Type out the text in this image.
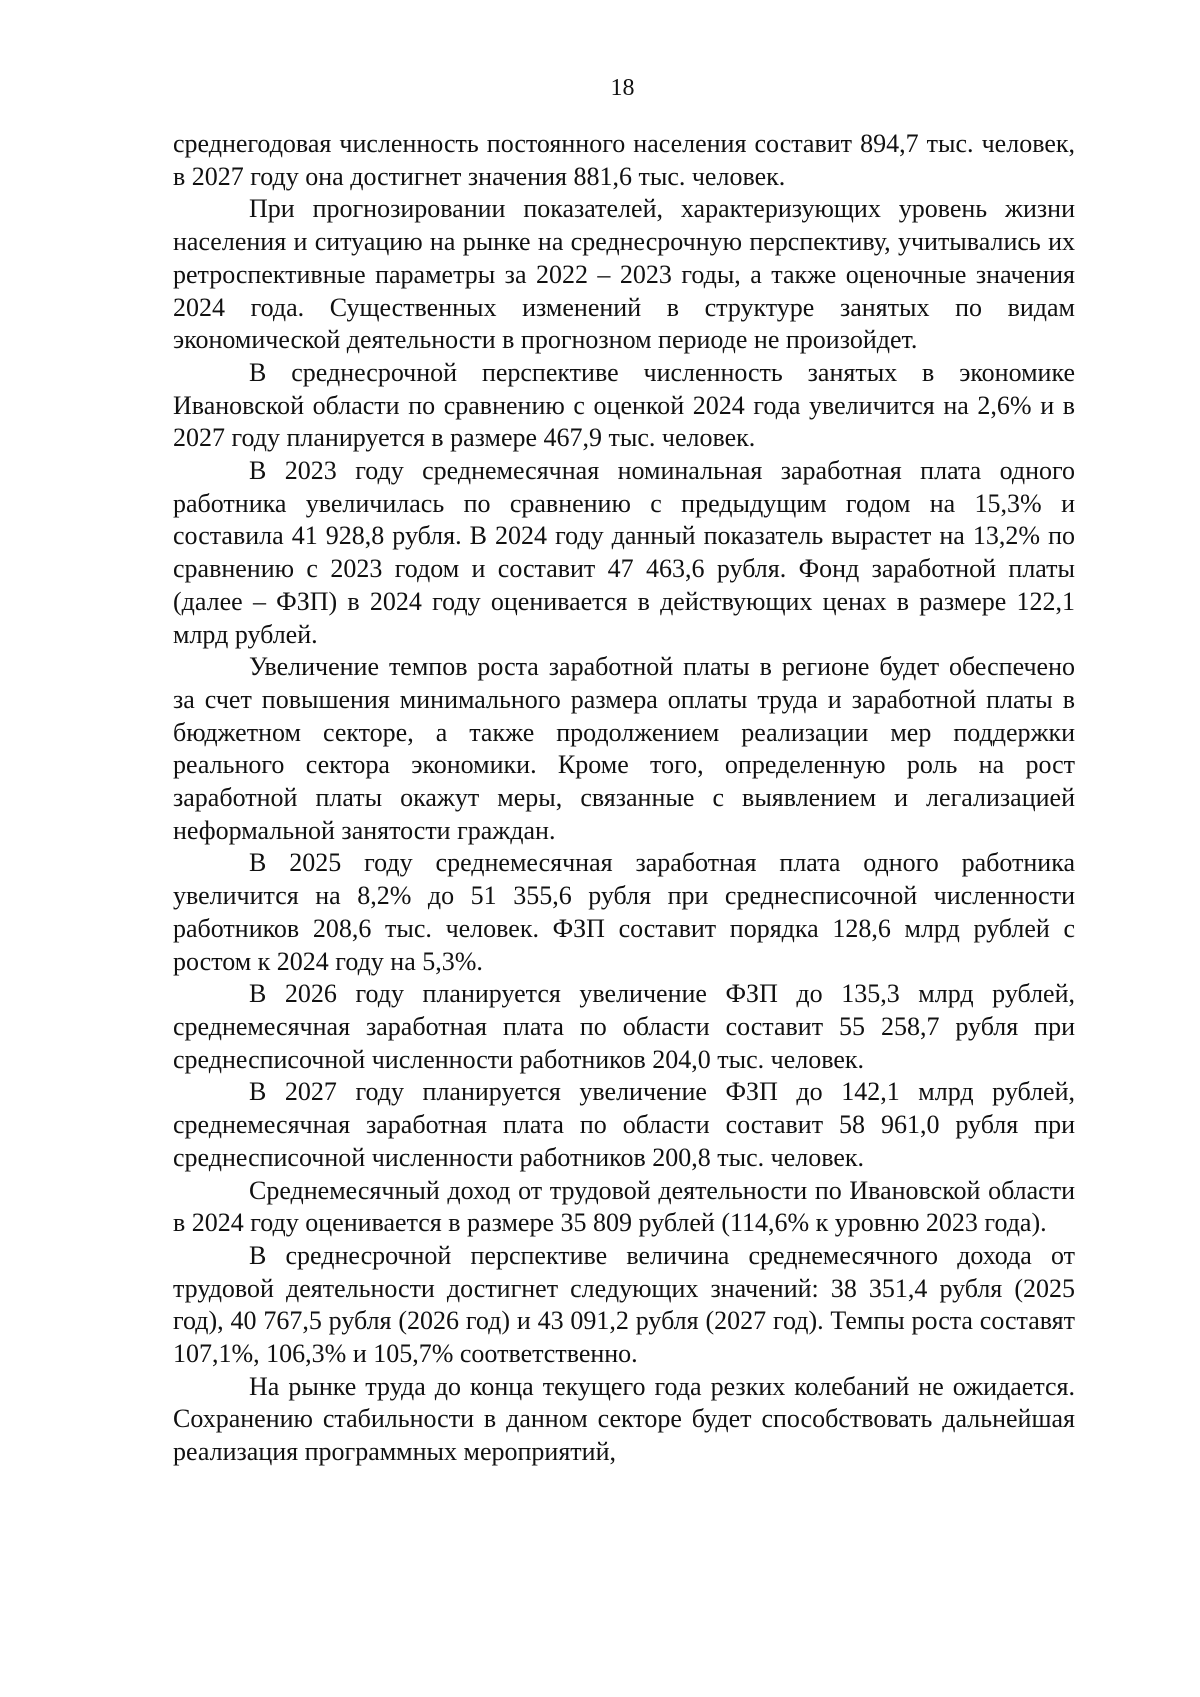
18

среднегодовая численность постоянного населения составит 894,7 тыс. человек, в 2027 году она достигнет значения 881,6 тыс. человек.

При прогнозировании показателей, характеризующих уровень жизни населения и ситуацию на рынке на среднесрочную перспективу, учитывались их ретроспективные параметры за 2022 – 2023 годы, а также оценочные значения 2024 года. Существенных изменений в структуре занятых по видам экономической деятельности в прогнозном периоде не произойдет.

В среднесрочной перспективе численность занятых в экономике Ивановской области по сравнению с оценкой 2024 года увеличится на 2,6% и в 2027 году планируется в размере 467,9 тыс. человек.

В 2023 году среднемесячная номинальная заработная плата одного работника увеличилась по сравнению с предыдущим годом на 15,3% и составила 41 928,8 рубля. В 2024 году данный показатель вырастет на 13,2% по сравнению с 2023 годом и составит 47 463,6 рубля. Фонд заработной платы (далее – ФЗП) в 2024 году оценивается в действующих ценах в размере 122,1 млрд рублей.

Увеличение темпов роста заработной платы в регионе будет обеспечено за счет повышения минимального размера оплаты труда и заработной платы в бюджетном секторе, а также продолжением реализации мер поддержки реального сектора экономики. Кроме того, определенную роль на рост заработной платы окажут меры, связанные с выявлением и легализацией неформальной занятости граждан.

В 2025 году среднемесячная заработная плата одного работника увеличится на 8,2% до 51 355,6 рубля при среднесписочной численности работников 208,6 тыс. человек. ФЗП составит порядка 128,6 млрд рублей с ростом к 2024 году на 5,3%.

В 2026 году планируется увеличение ФЗП до 135,3 млрд рублей, среднемесячная заработная плата по области составит 55 258,7 рубля при среднесписочной численности работников 204,0 тыс. человек.

В 2027 году планируется увеличение ФЗП до 142,1 млрд рублей, среднемесячная заработная плата по области составит 58 961,0 рубля при среднесписочной численности работников 200,8 тыс. человек.

Среднемесячный доход от трудовой деятельности по Ивановской области в 2024 году оценивается в размере 35 809 рублей (114,6% к уровню 2023 года).

В среднесрочной перспективе величина среднемесячного дохода от трудовой деятельности достигнет следующих значений: 38 351,4 рубля (2025 год), 40 767,5 рубля (2026 год) и 43 091,2 рубля (2027 год). Темпы роста составят 107,1%, 106,3% и 105,7% соответственно.

На рынке труда до конца текущего года резких колебаний не ожидается. Сохранению стабильности в данном секторе будет способствовать дальнейшая реализация программных мероприятий,
